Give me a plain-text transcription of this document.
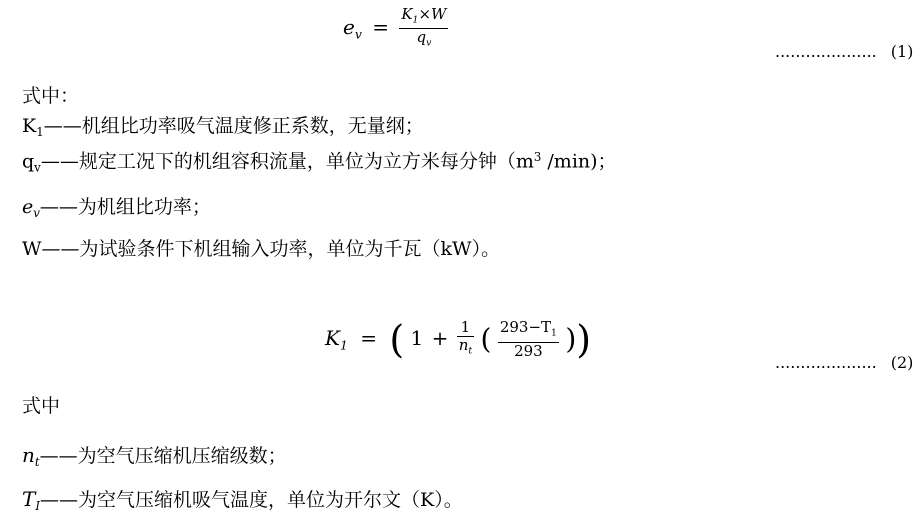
$e_v = \frac{K_1\times W}{q_v}$	.................... (1)
式中：
$K_1——$机组比功率吸气温度修正系数，无量纲；
$q_v——$规定工况下的机组容积流量，单位为立方米每分钟（$m^3$ /min)；
$e_v——$为机组比功率；
W——为试验条件下机组输入功率，单位为千瓦（kW）。
$K_1$ = ( $1 + \frac{1}{n_t}$ ( $\frac{293-T_1}{293}$ ))
.................... (2)
式中
$n_t——$为空气压缩机压缩级数；
$T_I——$为空气压缩机吸气温度，单位为开尔文（K）。
